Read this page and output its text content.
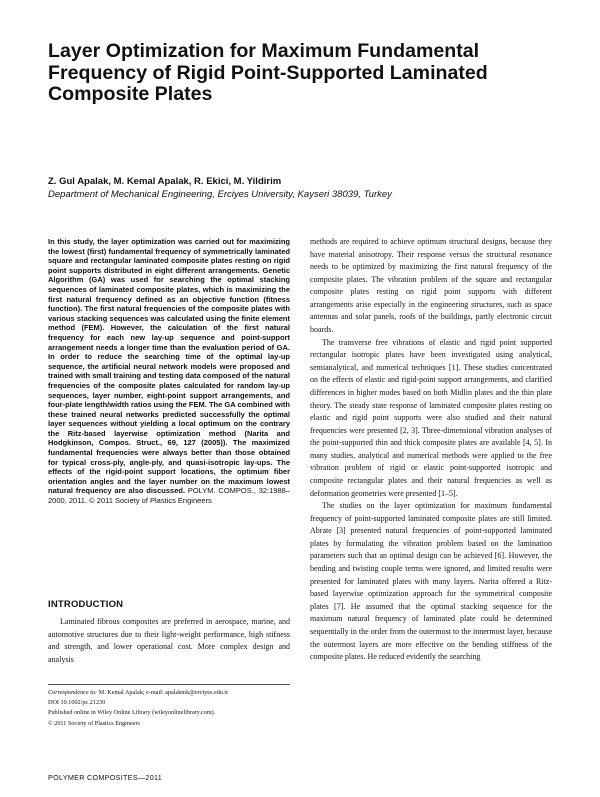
Layer Optimization for Maximum Fundamental Frequency of Rigid Point-Supported Laminated Composite Plates
Z. Gul Apalak, M. Kemal Apalak, R. Ekici, M. Yildirim
Department of Mechanical Engineering, Erciyes University, Kayseri 38039, Turkey
In this study, the layer optimization was carried out for maximizing the lowest (first) fundamental frequency of symmetrically laminated square and rectangular laminated composite plates resting on rigid point supports distributed in eight different arrangements. Genetic Algorithm (GA) was used for searching the optimal stacking sequences of laminated composite plates, which is maximizing the first natural frequency defined as an objective function (fitness function). The first natural frequencies of the composite plates with various stacking sequences was calculated using the finite element method (FEM). However, the calculation of the first natural frequency for each new lay-up sequence and point-support arrangement needs a longer time than the evaluation period of GA. In order to reduce the searching time of the optimal lay-up sequence, the artificial neural network models were proposed and trained with small training and testing data composed of the natural frequencies of the composite plates calculated for random lay-up sequences, layer number, eight-point support arrangements, and four-plate length/width ratios using the FEM. The GA combined with these trained neural networks predicted successfully the optimal layer sequences without yielding a local optimum on the contrary the Ritz-based layerwise optimization method (Narita and Hodgkinson, Compos. Struct., 69, 127 (2005)). The maximized fundamental frequencies were always better than those obtained for typical cross-ply, angle-ply, and quasi-isotropic lay-ups. The effects of the rigid-point support locations, the optimum fiber orientation angles and the layer number on the maximum lowest natural frequency are also discussed. POLYM. COMPOS., 32:1988–2000, 2011. © 2011 Society of Plastics Engineers
INTRODUCTION
Laminated fibrous composites are preferred in aerospace, marine, and automotive structures due to their light-weight performance, high stifness and strength, and lower operational cost. More complex design and analysis
Correspondence to: M. Kemal Apalak; e-mail: apalakmk@erciyes.edu.tr
DOI 10.1002/pc.21230
Published online in Wiley Online Library (wileyonlinelibrary.com).
© 2011 Society of Plastics Engineers

methods are required to achieve optimum structural designs, because they have material anisotropy. Their response versus the structural resonance needs to be optimized by maximizing the first natural frequency of the composite plates. The vibration problem of the square and rectangular composite plates resting on rigid point supports with different arrangements arise especially in the engineering structures, such as space antennas and solar panels, roofs of the buildings, partly electronic circuit boards.

The transverse free vibrations of elastic and rigid point supported rectangular isotropic plates have been investigated using analytical, semianalytical, and numerical techniques [1]. These studies concentrated on the effects of elastic and rigid-point support arrangements, and clarified differences in higher modes based on both Midlin plates and the thin plate theory. The steady state response of laminated composite plates resting on elastic and rigid point supports were also studied and their natural frequencies were presented [2, 3]. Three-dimensional vibration analyses of the point-supported thin and thick composite plates are available [4, 5]. In many studies, analytical and numerical methods were applied to the free vibration problem of rigid or elastic point-supported isotropic and composite rectangular plates and their natural frequencies as well as deformation geometries were presented [1–5].

The studies on the layer optimization for maximum fundamental frequency of point-supported laminated composite plates are still limited. Abrate [3] presented natural frequencies of point-supported laminated plates by formulating the vibration problem based on the lamination parameters such that an optimal design can be achieved [6]. However, the bending and twisting couple terms were ignored, and limited results were presented for laminated plates with many layers. Narita offered a Ritz-based layerwise optimization approach for the symmetrical composite plates [7]. He assumed that the optimal stacking sequence for the maximum natural frequency of laminated plate could be determined sequentially in the order from the outermost to the innermost layer, because the outermost layers are more effective on the bending stiffness of the composite plates. He reduced evidently the searching

POLYMER COMPOSITES—2011
